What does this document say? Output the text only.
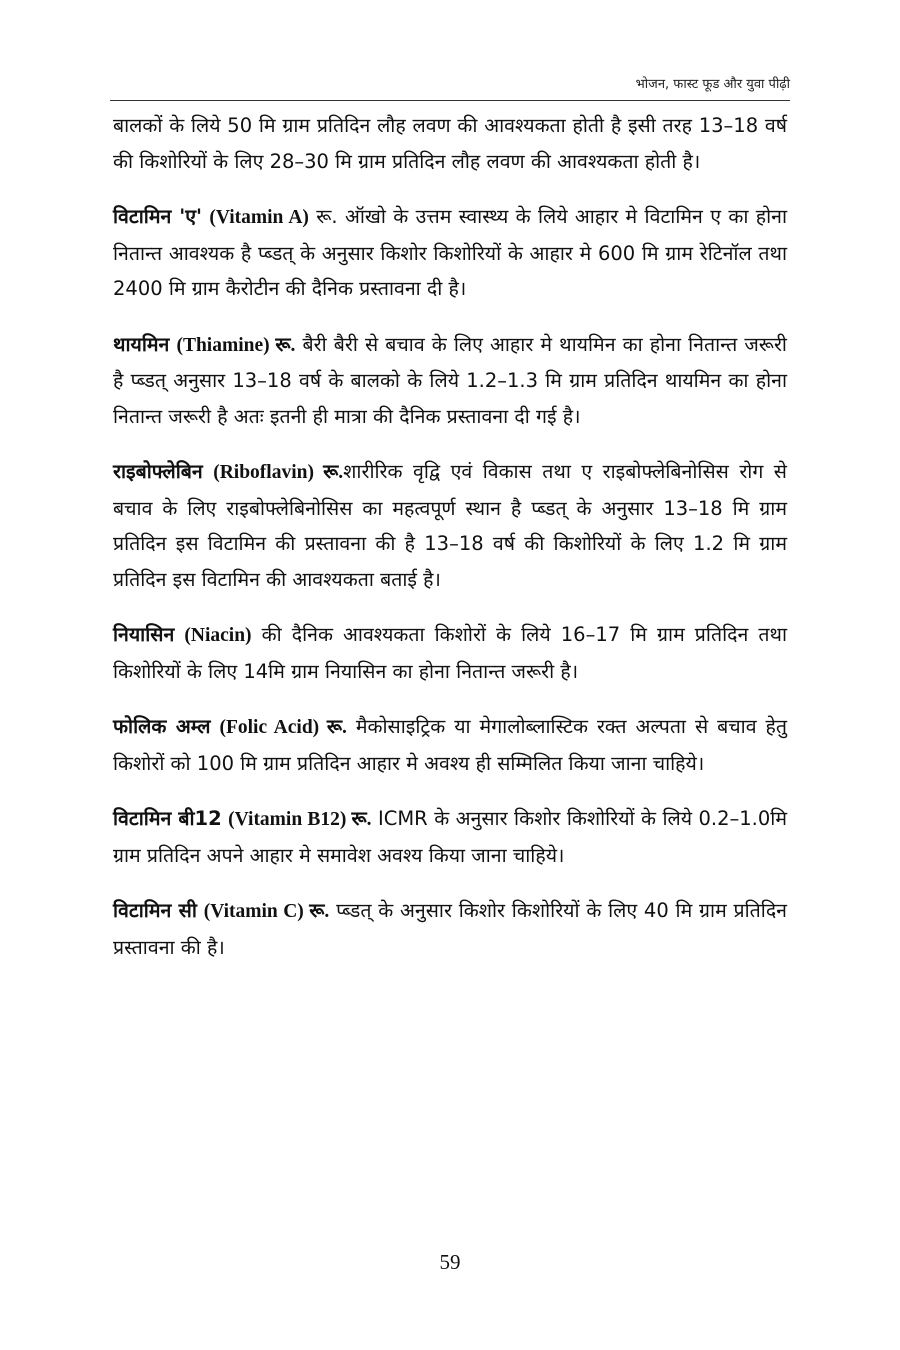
भोजन, फास्ट फूड और युवा पीढ़ी

बालकों के लिये 50 मि ग्राम प्रतिदिन लौह लवण की आवश्यकता होती है इसी तरह 13–18 वर्ष की किशोरियों के लिए 28–30 मि ग्राम प्रतिदिन लौह लवण की आवश्यकता होती है।

विटामिन 'ए' (Vitamin A) रू. ऑखो के उत्तम स्वास्थ्य के लिये आहार मे विटामिन ए का होना नितान्त आवश्यक है प्ब्डत् के अनुसार किशोर किशोरियों के आहार मे 600 मि ग्राम रेटिनॉल तथा 2400 मि ग्राम कैरोटीन की दैनिक प्रस्तावना दी है।

थायमिन (Thiamine) रू. बैरी बैरी से बचाव के लिए आहार मे थायमिन का होना नितान्त जरूरी है प्ब्डत् अनुसार 13–18 वर्ष के बालको के लिये 1.2–1.3 मि ग्राम प्रतिदिन थायमिन का होना नितान्त जरूरी है अतः इतनी ही मात्रा की दैनिक प्रस्तावना दी गई है।

राइबोफ्लेबिन (Riboflavin) रू.शारीरिक वृद्वि एवं विकास तथा ए राइबोफ्लेबिनोसिस रोग से बचाव के लिए राइबोफ्लेबिनोसिस का महत्वपूर्ण स्थान है प्ब्डत् के अनुसार 13–18 मि ग्राम प्रतिदिन इस विटामिन की प्रस्तावना की है 13–18 वर्ष की किशोरियों के लिए 1.2 मि ग्राम प्रतिदिन इस विटामिन की आवश्यकता बताई है।

नियासिन (Niacin) की दैनिक आवश्यकता किशोरों के लिये 16–17 मि ग्राम प्रतिदिन तथा किशोरियों के लिए 14मि ग्राम नियासिन का होना नितान्त जरूरी है।

फोलिक अम्ल (Folic Acid) रू. मैकोसाइट्रिक या मेगालोब्लास्टिक रक्त अल्पता से बचाव हेतु किशोरों को 100 मि ग्राम प्रतिदिन आहार मे अवश्य ही सम्मिलित किया जाना चाहिये।

विटामिन बी12 (Vitamin B12) रू. ICMR के अनुसार किशोर किशोरियों के लिये 0.2–1.0मि ग्राम प्रतिदिन अपने आहार मे समावेश अवश्य किया जाना चाहिये।

विटामिन सी (Vitamin C) रू. प्ब्डत् के अनुसार किशोर किशोरियों के लिए 40 मि ग्राम प्रतिदिन प्रस्तावना की है।

59
